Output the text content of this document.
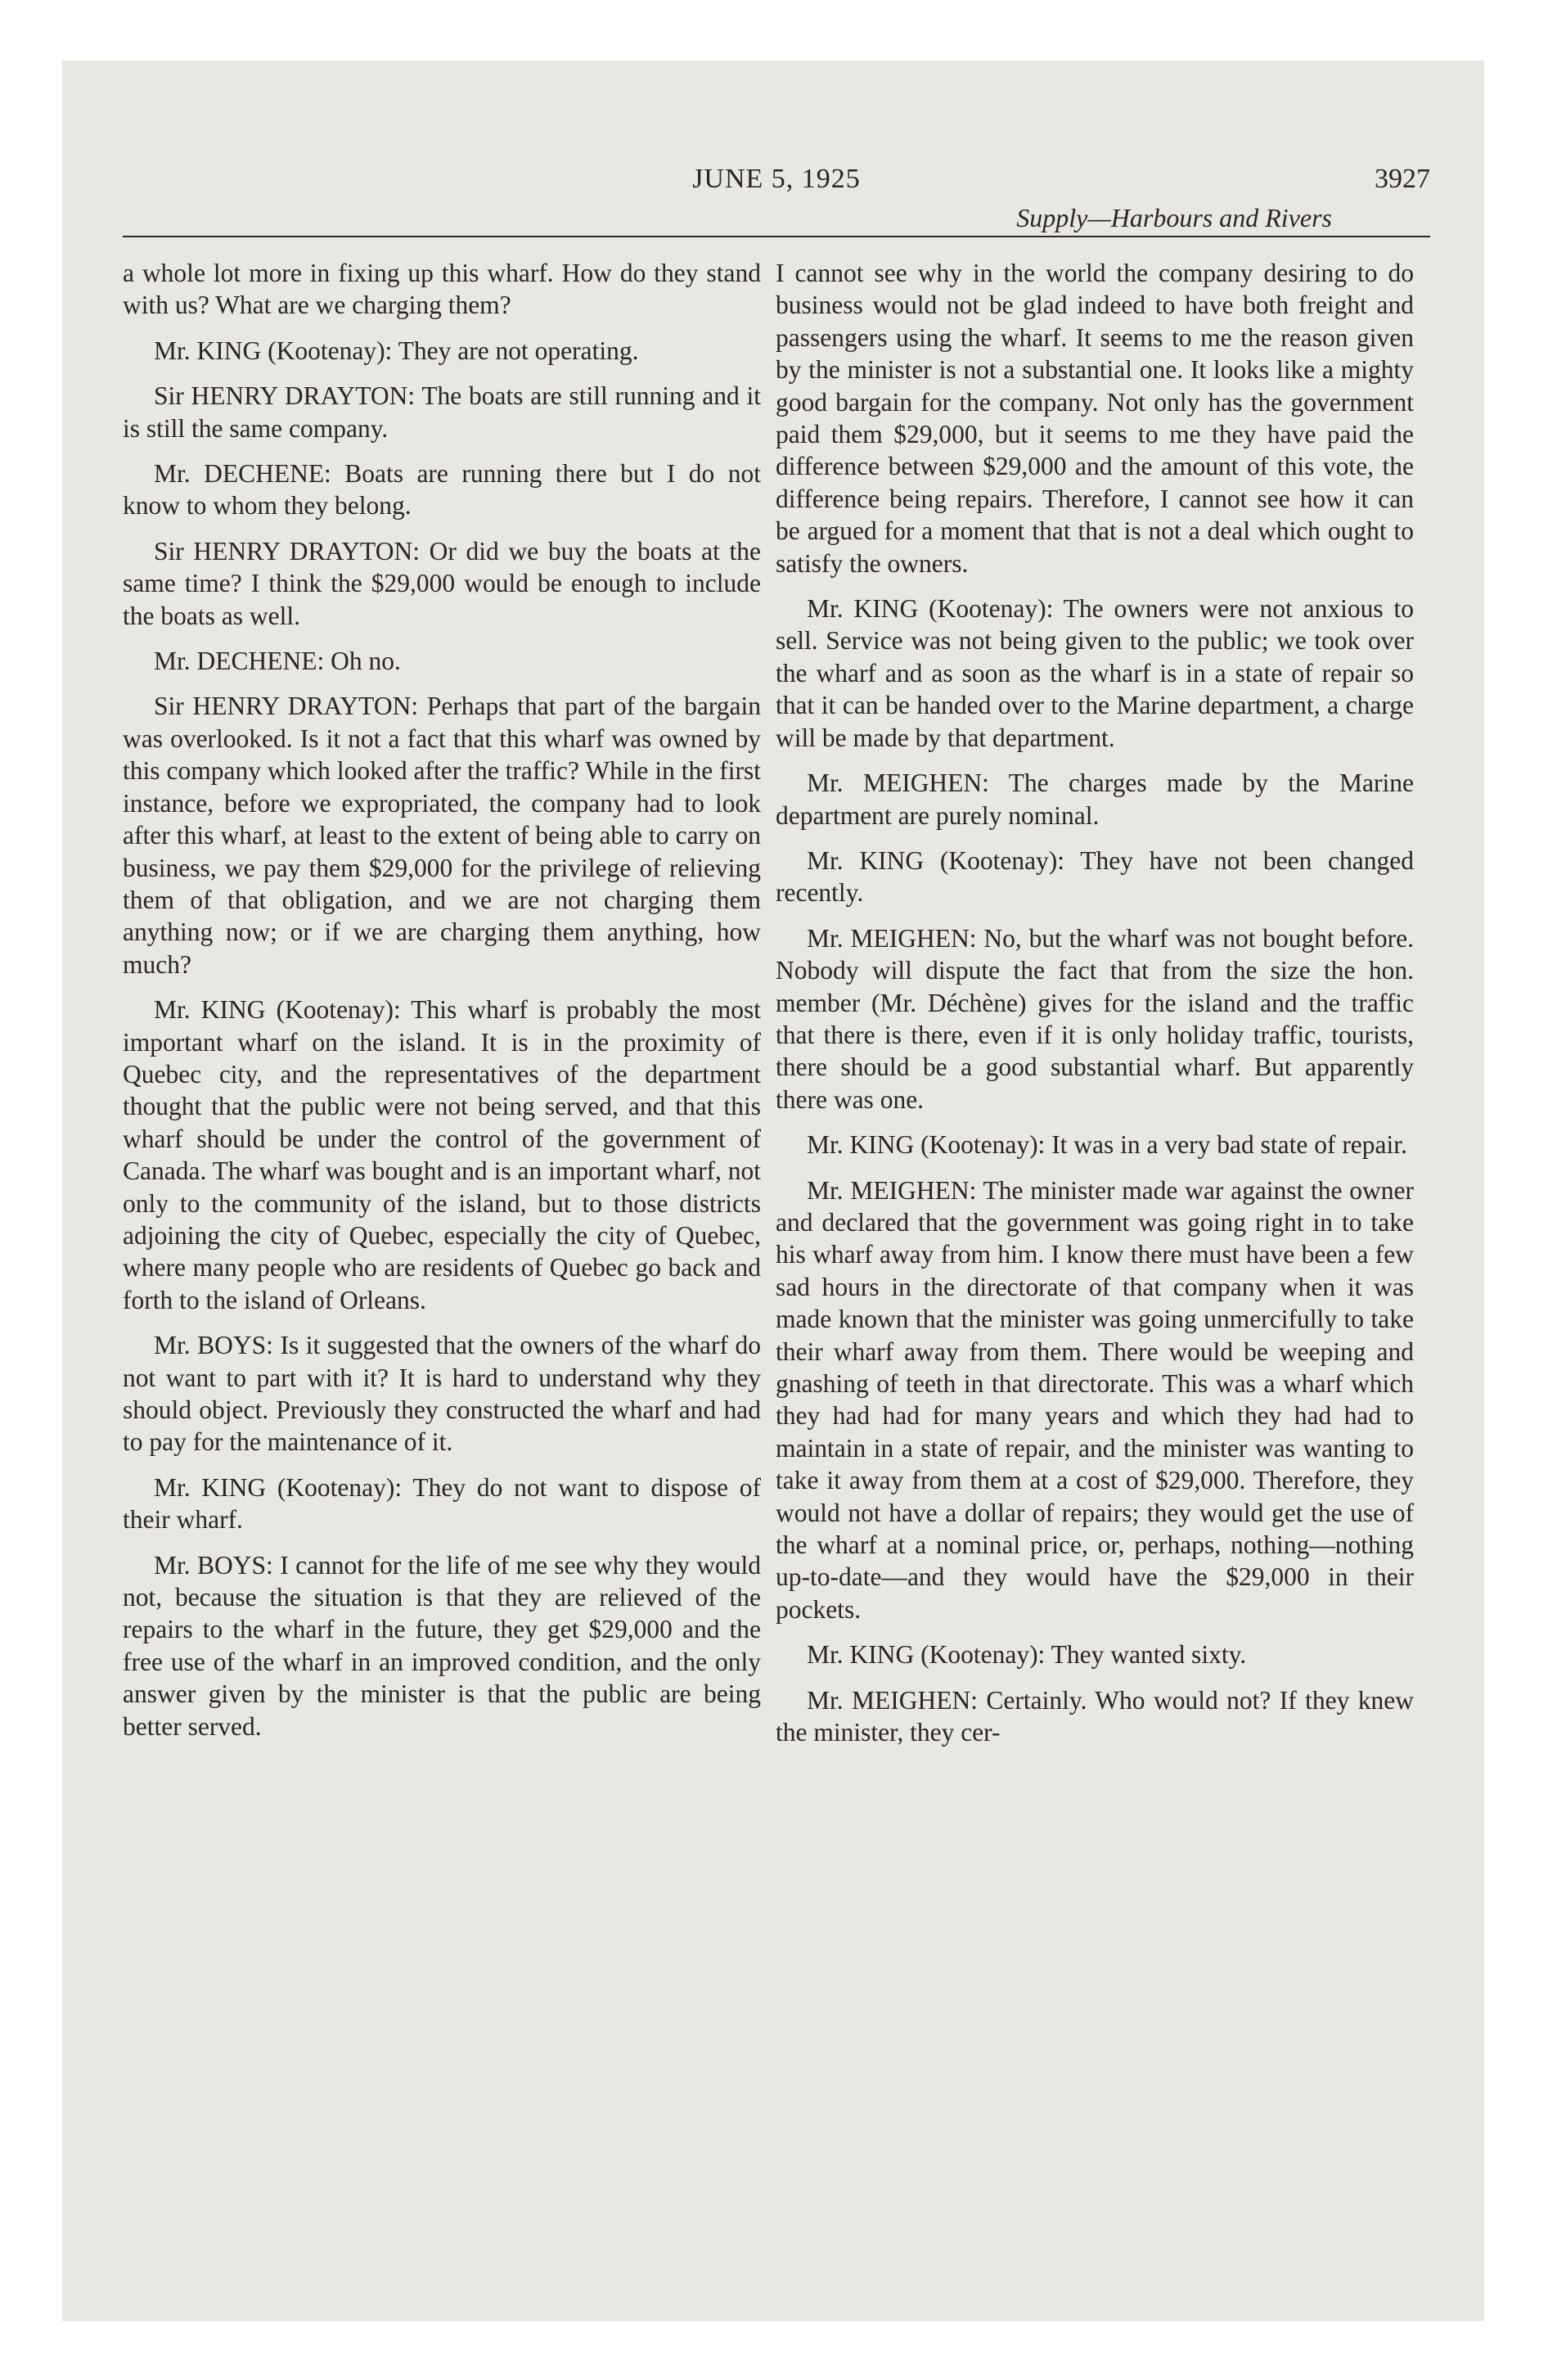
JUNE 5, 1925	3927
Supply—Harbours and Rivers

a whole lot more in fixing up this wharf. How do they stand with us? What are we charging them?

Mr. KING (Kootenay): They are not operating.

Sir HENRY DRAYTON: The boats are still running and it is still the same company.

Mr. DECHENE: Boats are running there but I do not know to whom they belong.

Sir HENRY DRAYTON: Or did we buy the boats at the same time? I think the $29,000 would be enough to include the boats as well.

Mr. DECHENE: Oh no.

Sir HENRY DRAYTON: Perhaps that part of the bargain was overlooked. Is it not a fact that this wharf was owned by this company which looked after the traffic? While in the first instance, before we expropriated, the company had to look after this wharf, at least to the extent of being able to carry on business, we pay them $29,000 for the privilege of relieving them of that obligation, and we are not charging them anything now; or if we are charging them anything, how much?

Mr. KING (Kootenay): This wharf is probably the most important wharf on the island. It is in the proximity of Quebec city, and the representatives of the department thought that the public were not being served, and that this wharf should be under the control of the government of Canada. The wharf was bought and is an important wharf, not only to the community of the island, but to those districts adjoining the city of Quebec, especially the city of Quebec, where many people who are residents of Quebec go back and forth to the island of Orleans.

Mr. BOYS: Is it suggested that the owners of the wharf do not want to part with it? It is hard to understand why they should object. Previously they constructed the wharf and had to pay for the maintenance of it.

Mr. KING (Kootenay): They do not want to dispose of their wharf.

Mr. BOYS: I cannot for the life of me see why they would not, because the situation is that they are relieved of the repairs to the wharf in the future, they get $29,000 and the free use of the wharf in an improved condition, and the only answer given by the minister is that the public are being better served.

I cannot see why in the world the company desiring to do business would not be glad indeed to have both freight and passengers using the wharf. It seems to me the reason given by the minister is not a substantial one. It looks like a mighty good bargain for the company. Not only has the government paid them $29,000, but it seems to me they have paid the difference between $29,000 and the amount of this vote, the difference being repairs. Therefore, I cannot see how it can be argued for a moment that that is not a deal which ought to satisfy the owners.

Mr. KING (Kootenay): The owners were not anxious to sell. Service was not being given to the public; we took over the wharf and as soon as the wharf is in a state of repair so that it can be handed over to the Marine department, a charge will be made by that department.

Mr. MEIGHEN: The charges made by the Marine department are purely nominal.

Mr. KING (Kootenay): They have not been changed recently.

Mr. MEIGHEN: No, but the wharf was not bought before. Nobody will dispute the fact that from the size the hon. member (Mr. Déchène) gives for the island and the traffic that there is there, even if it is only holiday traffic, tourists, there should be a good substantial wharf. But apparently there was one.

Mr. KING (Kootenay): It was in a very bad state of repair.

Mr. MEIGHEN: The minister made war against the owner and declared that the government was going right in to take his wharf away from him. I know there must have been a few sad hours in the directorate of that company when it was made known that the minister was going unmercifully to take their wharf away from them. There would be weeping and gnashing of teeth in that directorate. This was a wharf which they had had for many years and which they had had to maintain in a state of repair, and the minister was wanting to take it away from them at a cost of $29,000. Therefore, they would not have a dollar of repairs; they would get the use of the wharf at a nominal price, or, perhaps, nothing—nothing up-to-date—and they would have the $29,000 in their pockets.

Mr. KING (Kootenay): They wanted sixty.

Mr. MEIGHEN: Certainly. Who would not? If they knew the minister, they cer-
